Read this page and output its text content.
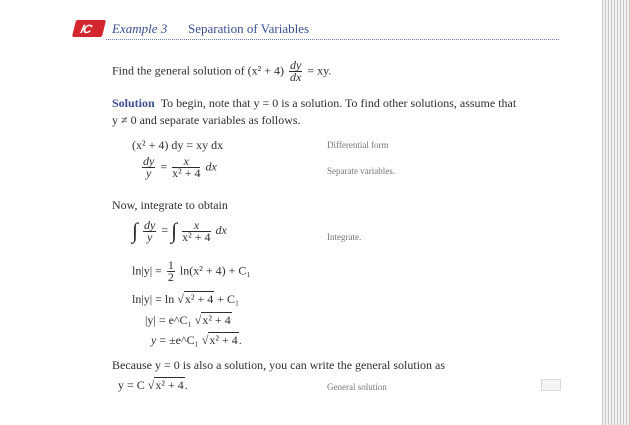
IC Example 3 Separation of Variables
Find the general solution of $(x^2 + 4) \frac{dy}{dx}$ = xy.
Solution To begin, note that y = 0 is a solution. To find other solutions, assume that
y ≠ 0 and separate variables as follows.
(x² + 4) dy = xy dx	Differential form
$\frac{dy}{y} = \frac{x}{\text{x² + 4}}$ dx	Separate variables.
Now, integrate to obtain
∫ $\frac{dy}{y}$ = ∫ $\frac{x}{\text{x² + 4}}$ dx
Integrate.
$\ln|y| = \frac{1}{2} \ln(x^2 + 4) + C_1$
ln|y| = ln √x² + 4 + C₁
|y| = e^C₁ √x² + 4
y = ±e^C₁ √x² + 4.
Because y = 0 is also a solution, you can write the general solution as
y = C √x² + 4.	General solution
